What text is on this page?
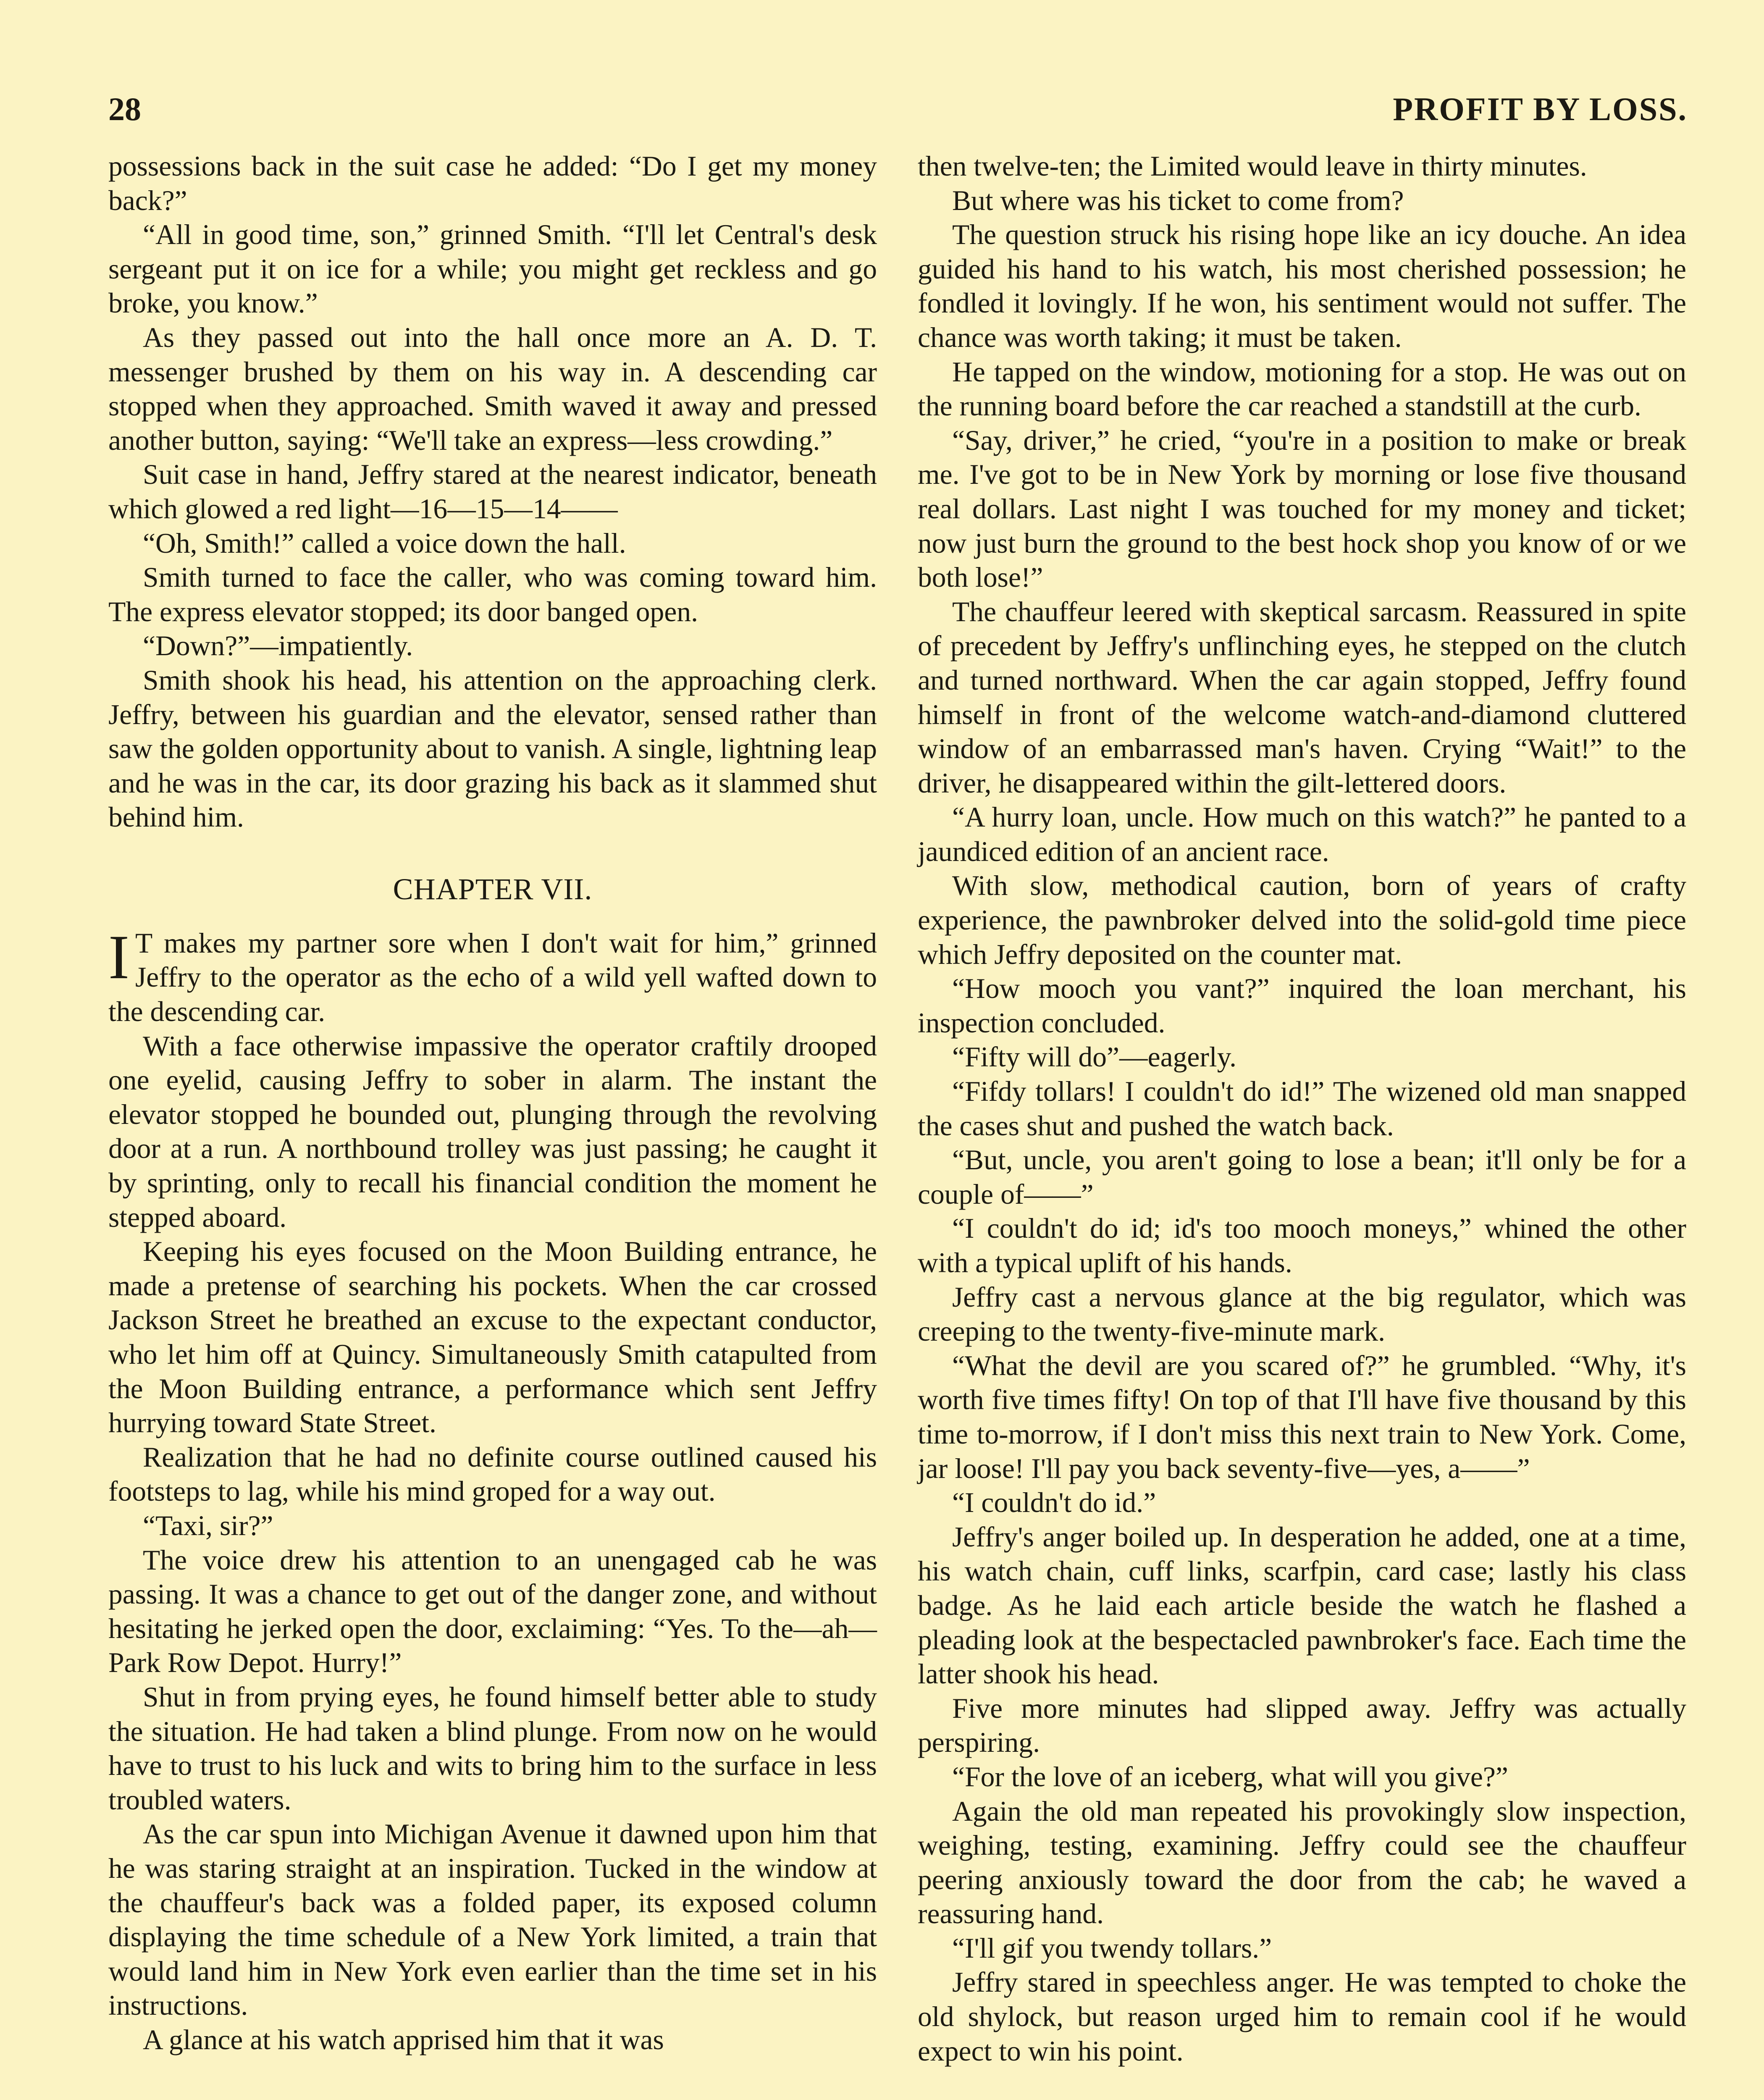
28	PROFIT BY LOSS.

possessions back in the suit case he added: “Do I get my money back?”

“All in good time, son,” grinned Smith. “I'll let Central's desk sergeant put it on ice for a while; you might get reckless and go broke, you know.”

As they passed out into the hall once more an A. D. T. messenger brushed by them on his way in. A descending car stopped when they approached. Smith waved it away and pressed another button, saying: “We'll take an express—less crowding.”

Suit case in hand, Jeffry stared at the nearest indicator, beneath which glowed a red light—16—15—14——

“Oh, Smith!” called a voice down the hall.

Smith turned to face the caller, who was coming toward him. The express elevator stopped; its door banged open.

“Down?”—impatiently.

Smith shook his head, his attention on the approaching clerk. Jeffry, between his guardian and the elevator, sensed rather than saw the golden opportunity about to vanish. A single, lightning leap and he was in the car, its door grazing his back as it slammed shut behind him.

CHAPTER VII.

I T makes my partner sore when I don't wait for him,” grinned Jeffry to the operator as the echo of a wild yell wafted down to the descending car.

With a face otherwise impassive the operator craftily drooped one eyelid, causing Jeffry to sober in alarm. The instant the elevator stopped he bounded out, plunging through the revolving door at a run. A northbound trolley was just passing; he caught it by sprinting, only to recall his financial condition the moment he stepped aboard.

Keeping his eyes focused on the Moon Building entrance, he made a pretense of searching his pockets. When the car crossed Jackson Street he breathed an excuse to the expectant conductor, who let him off at Quincy. Simultaneously Smith catapulted from the Moon Building entrance, a performance which sent Jeffry hurrying toward State Street.

Realization that he had no definite course outlined caused his footsteps to lag, while his mind groped for a way out.

“Taxi, sir?”

The voice drew his attention to an unengaged cab he was passing. It was a chance to get out of the danger zone, and without hesitating he jerked open the door, exclaiming: “Yes. To the—ah—Park Row Depot. Hurry!”

Shut in from prying eyes, he found himself better able to study the situation. He had taken a blind plunge. From now on he would have to trust to his luck and wits to bring him to the surface in less troubled waters.

As the car spun into Michigan Avenue it dawned upon him that he was staring straight at an inspiration. Tucked in the window at the chauffeur's back was a folded paper, its exposed column displaying the time schedule of a New York limited, a train that would land him in New York even earlier than the time set in his instructions.

A glance at his watch apprised him that it was

then twelve-ten; the Limited would leave in thirty minutes.

But where was his ticket to come from?

The question struck his rising hope like an icy douche. An idea guided his hand to his watch, his most cherished possession; he fondled it lovingly. If he won, his sentiment would not suffer. The chance was worth taking; it must be taken.

He tapped on the window, motioning for a stop. He was out on the running board before the car reached a standstill at the curb.

“Say, driver,” he cried, “you're in a position to make or break me. I've got to be in New York by morning or lose five thousand real dollars. Last night I was touched for my money and ticket; now just burn the ground to the best hock shop you know of or we both lose!”

The chauffeur leered with skeptical sarcasm. Reassured in spite of precedent by Jeffry's unflinching eyes, he stepped on the clutch and turned northward. When the car again stopped, Jeffry found himself in front of the welcome watch-and-diamond cluttered window of an embarrassed man's haven. Crying “Wait!” to the driver, he disappeared within the gilt-lettered doors.

“A hurry loan, uncle. How much on this watch?” he panted to a jaundiced edition of an ancient race.

With slow, methodical caution, born of years of crafty experience, the pawnbroker delved into the solid-gold time piece which Jeffry deposited on the counter mat.

“How mooch you vant?” inquired the loan merchant, his inspection concluded.

“Fifty will do”—eagerly.

“Fifdy tollars! I couldn't do id!” The wizened old man snapped the cases shut and pushed the watch back.

“But, uncle, you aren't going to lose a bean; it'll only be for a couple of——”

“I couldn't do id; id's too mooch moneys,” whined the other with a typical uplift of his hands.

Jeffry cast a nervous glance at the big regulator, which was creeping to the twenty-five-minute mark.

“What the devil are you scared of?” he grumbled. “Why, it's worth five times fifty! On top of that I'll have five thousand by this time to-morrow, if I don't miss this next train to New York. Come, jar loose! I'll pay you back seventy-five—yes, a——”

“I couldn't do id.”

Jeffry's anger boiled up. In desperation he added, one at a time, his watch chain, cuff links, scarfpin, card case; lastly his class badge. As he laid each article beside the watch he flashed a pleading look at the bespectacled pawnbroker's face. Each time the latter shook his head.

Five more minutes had slipped away. Jeffry was actually perspiring.

“For the love of an iceberg, what will you give?”

Again the old man repeated his provokingly slow inspection, weighing, testing, examining. Jeffry could see the chauffeur peering anxiously toward the door from the cab; he waved a reassuring hand.

“I'll gif you twendy tollars.”

Jeffry stared in speechless anger. He was tempted to choke the old shylock, but reason urged him to remain cool if he would expect to win his point.
